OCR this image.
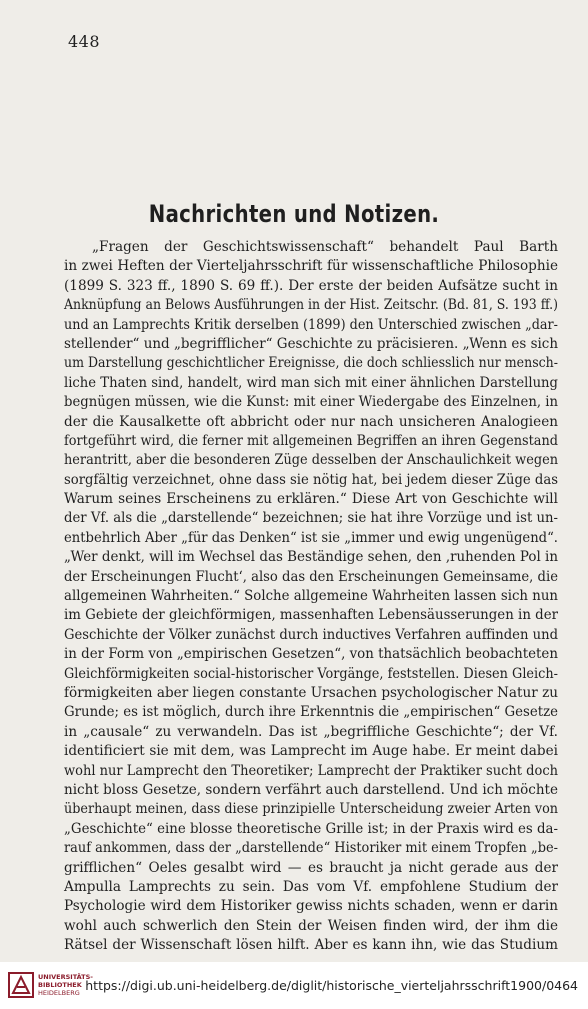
448
Nachrichten und Notizen.
„Fragen der Geschichtswissenschaft“ behandelt Paul Barth
in zwei Heften der Vierteljahrsschrift für wissenschaftliche Philosophie
(1899 S. 323 ff., 1890 S. 69 ff.). Der erste der beiden Aufsätze sucht in
Anknüpfung an Belows Ausführungen in der Hist. Zeitschr. (Bd. 81, S. 193 ff.)
und an Lamprechts Kritik derselben (1899) den Unterschied zwischen „dar-
stellender“ und „begrifflicher“ Geschichte zu präcisieren. „Wenn es sich
um Darstellung geschichtlicher Ereignisse, die doch schliesslich nur mensch-
liche Thaten sind, handelt, wird man sich mit einer ähnlichen Darstellung
begnügen müssen, wie die Kunst: mit einer Wiedergabe des Einzelnen, in
der die Kausalkette oft abbricht oder nur nach unsicheren Analogieen
fortgeführt wird, die ferner mit allgemeinen Begriffen an ihren Gegenstand
herantritt, aber die besonderen Züge desselben der Anschaulichkeit wegen
sorgfältig verzeichnet, ohne dass sie nötig hat, bei jedem dieser Züge das
Warum seines Erscheinens zu erklären.“ Diese Art von Geschichte will
der Vf. als die „darstellende“ bezeichnen; sie hat ihre Vorzüge und ist un-
entbehrlich Aber „für das Denken“ ist sie „immer und ewig ungenügend“.
„Wer denkt, will im Wechsel das Beständige sehen, den ‚ruhenden Pol in
der Erscheinungen Flucht‘, also das den Erscheinungen Gemeinsame, die
allgemeinen Wahrheiten.“ Solche allgemeine Wahrheiten lassen sich nun
im Gebiete der gleichförmigen, massenhaften Lebensäusserungen in der
Geschichte der Völker zunächst durch inductives Verfahren auffinden und
in der Form von „empirischen Gesetzen“, von thatsächlich beobachteten
Gleichförmigkeiten social-historischer Vorgänge, feststellen. Diesen Gleich-
förmigkeiten aber liegen constante Ursachen psychologischer Natur zu
Grunde; es ist möglich, durch ihre Erkenntnis die „empirischen“ Gesetze
in „causale“ zu verwandeln. Das ist „begriffliche Geschichte“; der Vf.
identificiert sie mit dem, was Lamprecht im Auge habe. Er meint dabei
wohl nur Lamprecht den Theoretiker; Lamprecht der Praktiker sucht doch
nicht bloss Gesetze, sondern verfährt auch darstellend. Und ich möchte
überhaupt meinen, dass diese prinzipielle Unterscheidung zweier Arten von
„Geschichte“ eine blosse theoretische Grille ist; in der Praxis wird es da-
rauf ankommen, dass der „darstellende“ Historiker mit einem Tropfen „be-
grifflichen“ Oeles gesalbt wird — es braucht ja nicht gerade aus der
Ampulla Lamprechts zu sein. Das vom Vf. empfohlene Studium der
Psychologie wird dem Historiker gewiss nichts schaden, wenn er darin
wohl auch schwerlich den Stein der Weisen finden wird, der ihm die
Rätsel der Wissenschaft lösen hilft. Aber es kann ihn, wie das Studium
UNIVERSITÄTS-
BIBLIOTHEK
HEIDELBERG https://digi.ub.uni-heidelberg.de/diglit/historische_vierteljahrsschrift1900/0464
